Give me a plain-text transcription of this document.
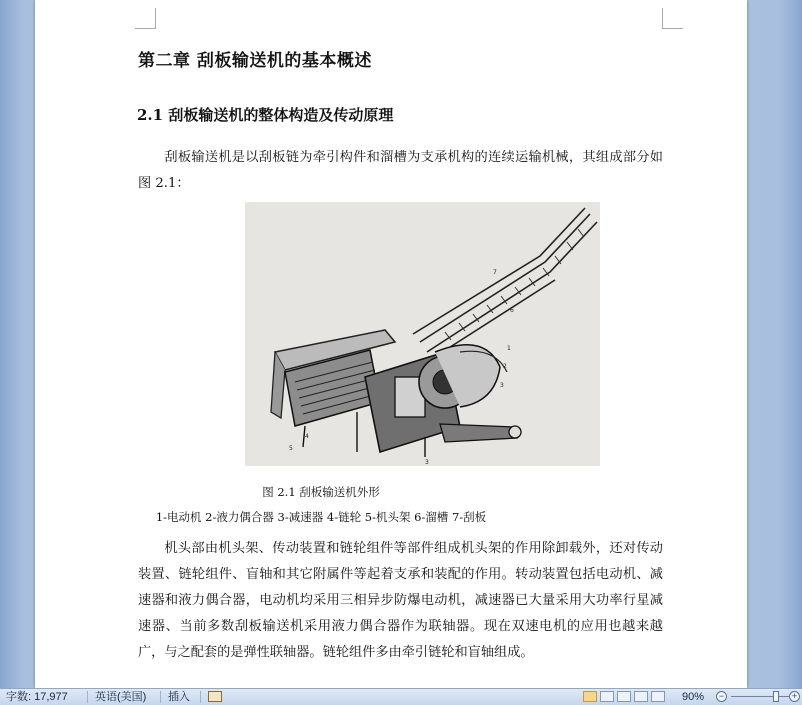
第二章 刮板输送机的基本概述
2.1 刮板输送机的整体构造及传动原理
刮板输送机是以刮板链为牵引构件和溜槽为支承机构的连续运输机械，其组成部分如图 2.1：
1
2
3
3
4
5
6
7
图 2.1 刮板输送机外形
1-电动机 2-液力偶合器 3-减速器 4-链轮 5-机头架 6-溜槽 7-刮板
机头部由机头架、传动装置和链轮组件等部件组成机头架的作用除卸载外，还对传动装置、链轮组件、盲轴和其它附属件等起着支承和装配的作用。转动装置包括电动机、减速器和液力偶合器，电动机均采用三相异步防爆电动机，减速器已大量采用大功率行星减速器、当前多数刮板输送机采用液力偶合器作为联轴器。现在双速电机的应用也越来越广，与之配套的是弹性联轴器。链轮组件多由牵引链轮和盲轴组成。
字数: 17,977 英语(美国) 插入	90%	−	+
